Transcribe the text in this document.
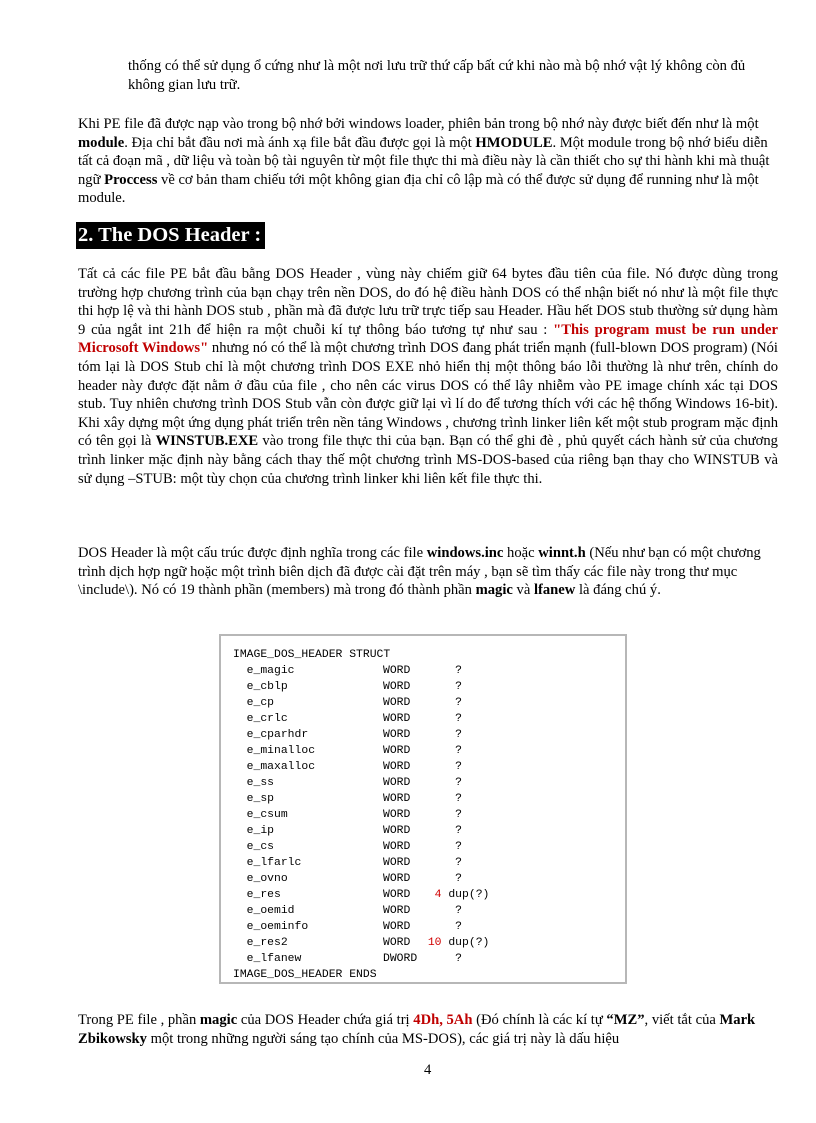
thống có thể sử dụng ổ cứng như là một nơi lưu trữ thứ cấp bất cứ khi nào mà bộ nhớ vật lý không còn đủ không gian lưu trữ.

Khi PE file đã được nạp vào trong bộ nhớ bởi windows loader, phiên bản trong bộ nhớ này được biết đến như là một module. Địa chỉ bắt đầu nơi mà ánh xạ file bắt đầu được gọi là một HMODULE. Một module trong bộ nhớ biểu diễn tất cả đoạn mã , dữ liệu và toàn bộ tài nguyên từ một file thực thi mà điều này là cần thiết cho sự thi hành khi mà thuật ngữ Proccess về cơ bản tham chiếu tới một không gian địa chỉ cô lập mà có thể được sử dụng để running như là một module.

2. The DOS Header :

Tất cả các file PE bắt đầu bằng DOS Header , vùng này chiếm giữ 64 bytes đầu tiên của file. Nó được dùng trong trường hợp chương trình của bạn chạy trên nền DOS, do đó hệ điều hành DOS có thể nhận biết nó như là một file thực thi hợp lệ và thi hành DOS stub , phần mà đã được lưu trữ trực tiếp sau Header. Hầu hết DOS stub thường sử dụng hàm 9 của ngắt int 21h để hiện ra một chuỗi kí tự thông báo tương tự như sau : "This program must be run under Microsoft Windows" nhưng nó có thể là một chương trình DOS đang phát triển mạnh (full-blown DOS program) (Nói tóm lại là DOS Stub chỉ là một chương trình DOS EXE nhỏ hiển thị một thông báo lỗi thường là như trên, chính do header này được đặt nằm ở đầu của file , cho nên các virus DOS có thể lây nhiễm vào PE image chính xác tại DOS stub. Tuy nhiên chương trình DOS Stub vẫn còn được giữ lại vì lí do để tương thích với các hệ thống Windows 16-bit). Khi xây dựng một ứng dụng phát triển trên nền tảng Windows , chương trình linker liên kết một stub program mặc định có tên gọi là WINSTUB.EXE vào trong file thực thi của bạn. Bạn có thể ghi đè , phủ quyết cách hành sử của chương trình linker mặc định này bằng cách thay thế một chương trình MS-DOS-based của riêng bạn thay cho WINSTUB và sử dụng –STUB: một tùy chọn của chương trình linker khi liên kết file thực thi.

DOS Header là một cấu trúc được định nghĩa trong các file windows.inc hoặc winnt.h (Nếu như bạn có một chương trình dịch hợp ngữ hoặc một trình biên dịch đã được cài đặt trên máy , bạn sẽ tìm thấy các file này trong thư mục \include\). Nó có 19 thành phần (members) mà trong đó thành phần magic và lfanew là đáng chú ý.

IMAGE_DOS_HEADER STRUCT
e_magic	WORD     ?
e_cblp	WORD     ?
e_cp	WORD     ?
e_crlc	WORD     ?
e_cparhdr	WORD     ?
e_minalloc	WORD     ?
e_maxalloc	WORD     ?
e_ss	WORD     ?
e_sp	WORD     ?
e_csum	WORD     ?
e_ip	WORD     ?
e_cs	WORD     ?
e_lfarlc	WORD     ?
e_ovno	WORD     ?
e_res	WORD  4 dup(?)
e_oemid	WORD     ?
e_oeminfo	WORD     ?
e_res2	WORD 10 dup(?)
e_lfanew	DWORD     ?
IMAGE_DOS_HEADER ENDS

Trong PE file , phần magic của DOS Header chứa giá trị 4Dh, 5Ah (Đó chính là các kí tự “MZ”, viết tắt của Mark Zbikowsky một trong những người sáng tạo chính của MS-DOS), các giá trị này là dấu hiệu

4
